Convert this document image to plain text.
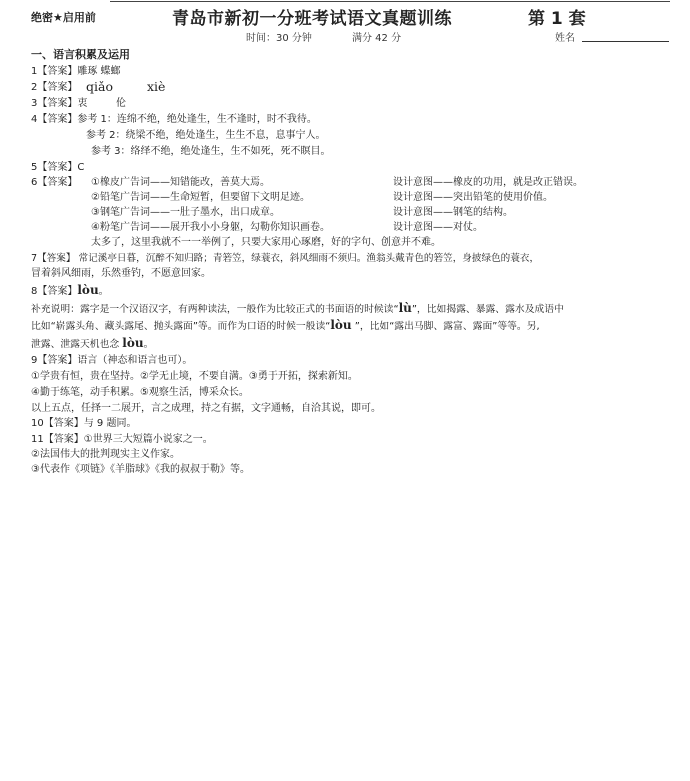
绝密★启用前	青岛市新初一分班考试语文真题训练	第 1 套
时间：30 分钟	满分 42 分	姓名
一、语言积累及运用
1【答案】雕琢 蝶螂
2【答案】 qiǎo	xiè
3【答案】衷         伦
4【答案】参考 1：连绵不绝，绝处逢生，生不逢时，时不我待。
参考 2：绕梁不绝，绝处逢生，生生不息，息事宁人。
参考 3：络绎不绝，绝处逢生，生不如死，死不瞑目。
5【答案】C
6【答案】 ①橡皮广告词——知错能改，善莫大焉。	设计意图——橡皮的功用，就是改正错误。
②铅笔广告词——生命短暂，但要留下文明足迹。	设计意图——突出铅笔的使用价值。
③钢笔广告词——一肚子墨水，出口成章。	设计意图——钢笔的结构。
④粉笔广告词——展开我小小身躯，勾勒你知识画卷。	设计意图——对仗。
太多了，这里我就不一一举例了，只要大家用心琢磨，好的字句、创意并不难。
7【答案】 常记溪亭日暮，沉醉不知归路；青箬笠，绿蓑衣，斜风细雨不须归。渔翁头戴青色的箬笠，身披绿色的蓑衣，
冒着斜风细雨，乐然垂钓，不愿意回家。
8【答案】lòu。
补充说明：露字是一个汉语汉字，有两种读法，一般作为比较正式的书面语的时候读“lù”，比如揭露、暴露、露水及成语中
比如“崭露头角、藏头露尾、抛头露面”等。而作为口语的时候一般读“lòu ”，比如“露出马脚、露富、露面”等等。另,
泄露、泄露天机也念 lòu。
9【答案】语言（神态和语言也可）。
①学贵有恒，贵在坚持。②学无止境，不要自满。③勇于开拓，探索新知。
④勤于练笔，动手积累。⑤观察生活，博采众长。
以上五点，任择一二展开，言之成理，持之有据，文字通畅，自洽其说，即可。
10【答案】与 9 题同。
11【答案】①世界三大短篇小说家之一。
②法国伟大的批判现实主义作家。
③代表作《项链》《羊脂球》《我的叔叔于勒》等。
